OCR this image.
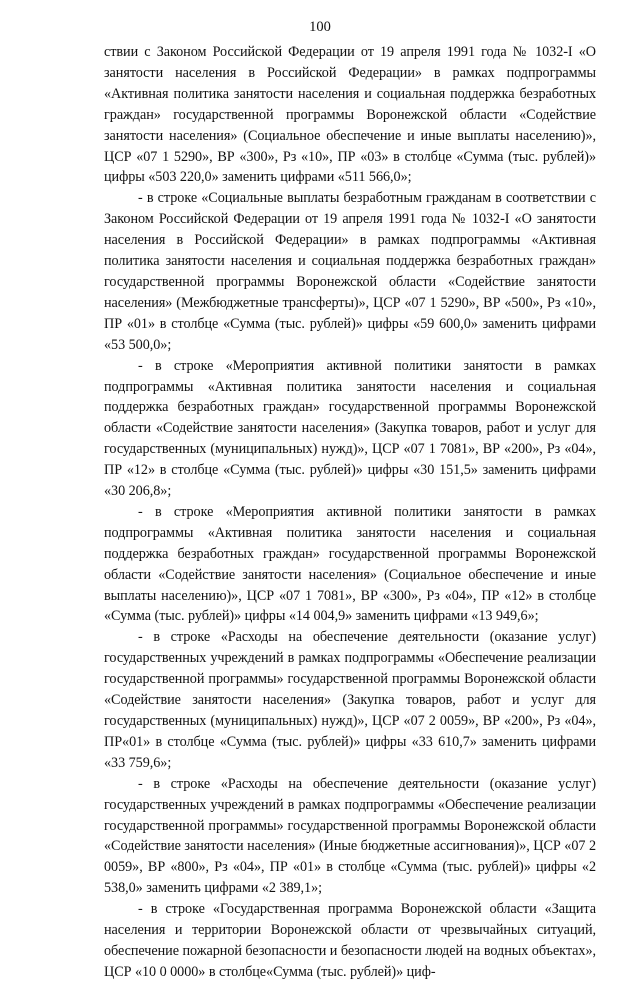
100

ствии с Законом Российской Федерации от 19 апреля 1991 года № 1032-I «О занятости населения в Российской Федерации» в рамках подпрограммы «Активная политика занятости населения и социальная поддержка безработных граждан» государственной программы Воронежской области «Содействие занятости населения» (Социальное обеспечение и иные выплаты населению)», ЦСР «07 1 5290», ВР «300», Рз «10», ПР «03» в столбце «Сумма (тыс. рублей)» цифры «503 220,0» заменить цифрами «511 566,0»;

- в строке «Социальные выплаты безработным гражданам в соответствии с Законом Российской Федерации от 19 апреля 1991 года № 1032-I «О занятости населения в Российской Федерации» в рамках подпрограммы «Активная политика занятости населения и социальная поддержка безработных граждан» государственной программы Воронежской области «Содействие занятости населения» (Межбюджетные трансферты)», ЦСР «07 1 5290», ВР «500», Рз «10», ПР «01» в столбце «Сумма (тыс. рублей)» цифры «59 600,0» заменить цифрами «53 500,0»;

- в строке «Мероприятия активной политики занятости в рамках подпрограммы «Активная политика занятости населения и социальная поддержка безработных граждан» государственной программы Воронежской области «Содействие занятости населения» (Закупка товаров, работ и услуг для государственных (муниципальных) нужд)», ЦСР «07 1 7081», ВР «200», Рз «04», ПР «12» в столбце «Сумма (тыс. рублей)» цифры «30 151,5» заменить цифрами «30 206,8»;

- в строке «Мероприятия активной политики занятости в рамках подпрограммы «Активная политика занятости населения и социальная поддержка безработных граждан» государственной программы Воронежской области «Содействие занятости населения» (Социальное обеспечение и иные выплаты населению)», ЦСР «07 1 7081», ВР «300», Рз «04», ПР «12» в столбце «Сумма (тыс. рублей)» цифры «14 004,9» заменить цифрами «13 949,6»;

- в строке «Расходы на обеспечение деятельности (оказание услуг) государственных учреждений в рамках подпрограммы «Обеспечение реализации государственной программы» государственной программы Воронежской области «Содействие занятости населения» (Закупка товаров, работ и услуг для государственных (муниципальных) нужд)», ЦСР «07 2 0059», ВР «200», Рз «04», ПР«01» в столбце «Сумма (тыс. рублей)» цифры «33 610,7» заменить цифрами «33 759,6»;

- в строке «Расходы на обеспечение деятельности (оказание услуг) государственных учреждений в рамках подпрограммы «Обеспечение реализации государственной программы» государственной программы Воронежской области «Содействие занятости населения» (Иные бюджетные ассигнования)», ЦСР «07 2 0059», ВР «800», Рз «04», ПР «01» в столбце «Сумма (тыс. рублей)» цифры «2 538,0» заменить цифрами «2 389,1»;

- в строке «Государственная программа Воронежской области «Защита населения и территории Воронежской области от чрезвычайных ситуаций, обеспечение пожарной безопасности и безопасности людей на водных объектах», ЦСР «10 0 0000» в столбце«Сумма (тыс. рублей)» циф-
